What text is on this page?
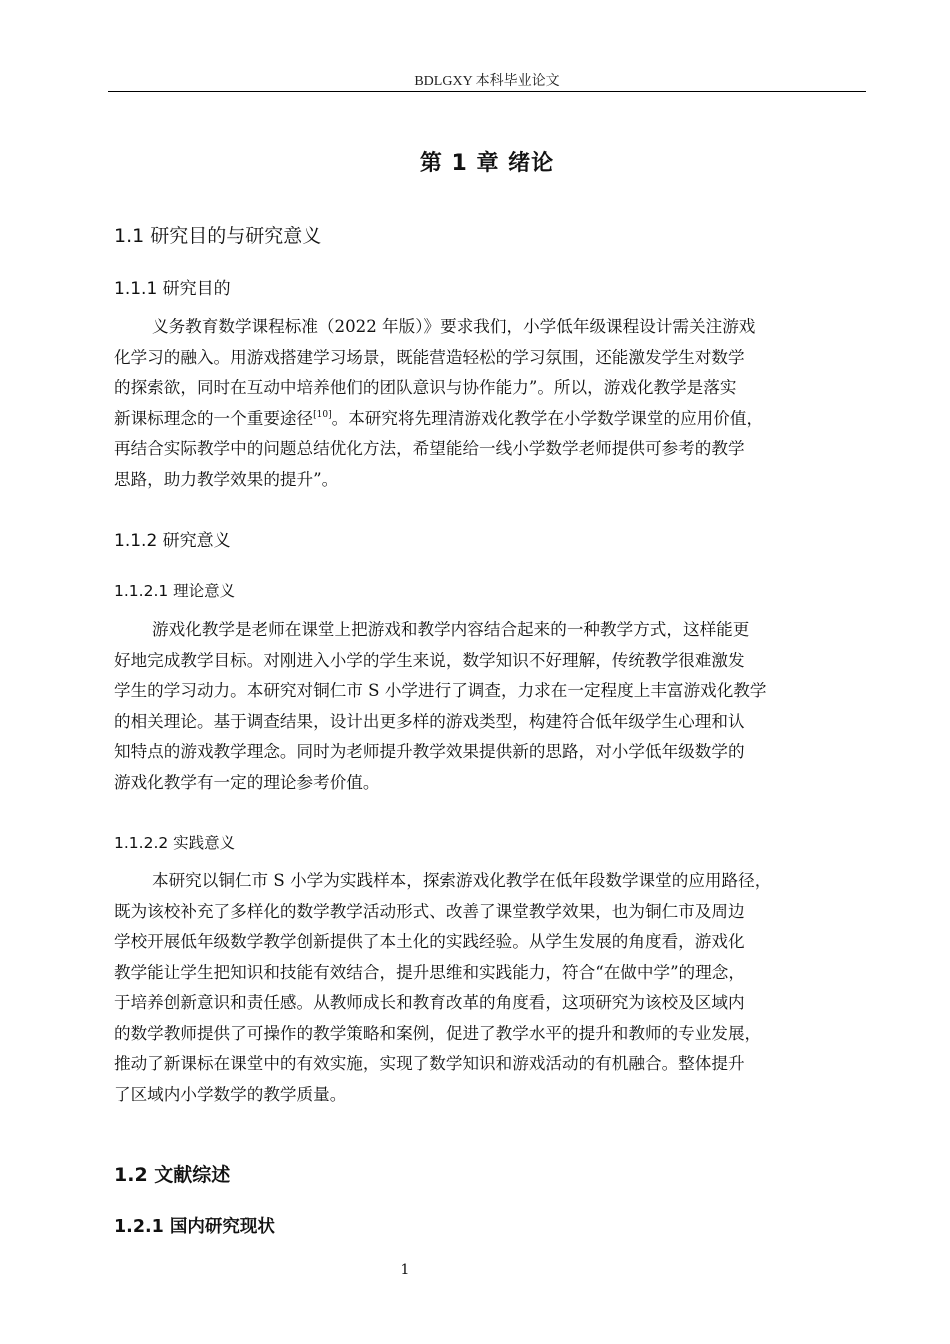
BDLGXY 本科毕业论文
第 1 章 绪论
1.1 研究目的与研究意义
1.1.1 研究目的
义务教育数学课程标准（2022 年版）》要求我们，小学低年级课程设计需关注游戏
化学习的融入。用游戏搭建学习场景，既能营造轻松的学习氛围，还能激发学生对数学
的探索欲，同时在互动中培养他们的团队意识与协作能力”。所以，游戏化教学是落实
新课标理念的一个重要途径[10]。本研究将先理清游戏化教学在小学数学课堂的应用价值，
再结合实际教学中的问题总结优化方法，希望能给一线小学数学老师提供可参考的教学
思路，助力教学效果的提升”。
1.1.2 研究意义
1.1.2.1 理论意义
游戏化教学是老师在课堂上把游戏和教学内容结合起来的一种教学方式，这样能更
好地完成教学目标。对刚进入小学的学生来说，数学知识不好理解，传统教学很难激发
学生的学习动力。本研究对铜仁市 S 小学进行了调查，力求在一定程度上丰富游戏化教学
的相关理论。基于调查结果，设计出更多样的游戏类型，构建符合低年级学生心理和认
知特点的游戏教学理念。同时为老师提升教学效果提供新的思路，对小学低年级数学的
游戏化教学有一定的理论参考价值。
1.1.2.2 实践意义
本研究以铜仁市 S 小学为实践样本，探索游戏化教学在低年段数学课堂的应用路径，
既为该校补充了多样化的数学教学活动形式、改善了课堂教学效果，也为铜仁市及周边
学校开展低年级数学教学创新提供了本土化的实践经验。从学生发展的角度看，游戏化
教学能让学生把知识和技能有效结合，提升思维和实践能力，符合“在做中学”的理念，
于培养创新意识和责任感。从教师成长和教育改革的角度看，这项研究为该校及区域内
的数学教师提供了可操作的教学策略和案例，促进了教学水平的提升和教师的专业发展，
推动了新课标在课堂中的有效实施，实现了数学知识和游戏活动的有机融合。整体提升
了区域内小学数学的教学质量。
1.2 文献综述
1.2.1 国内研究现状
1
